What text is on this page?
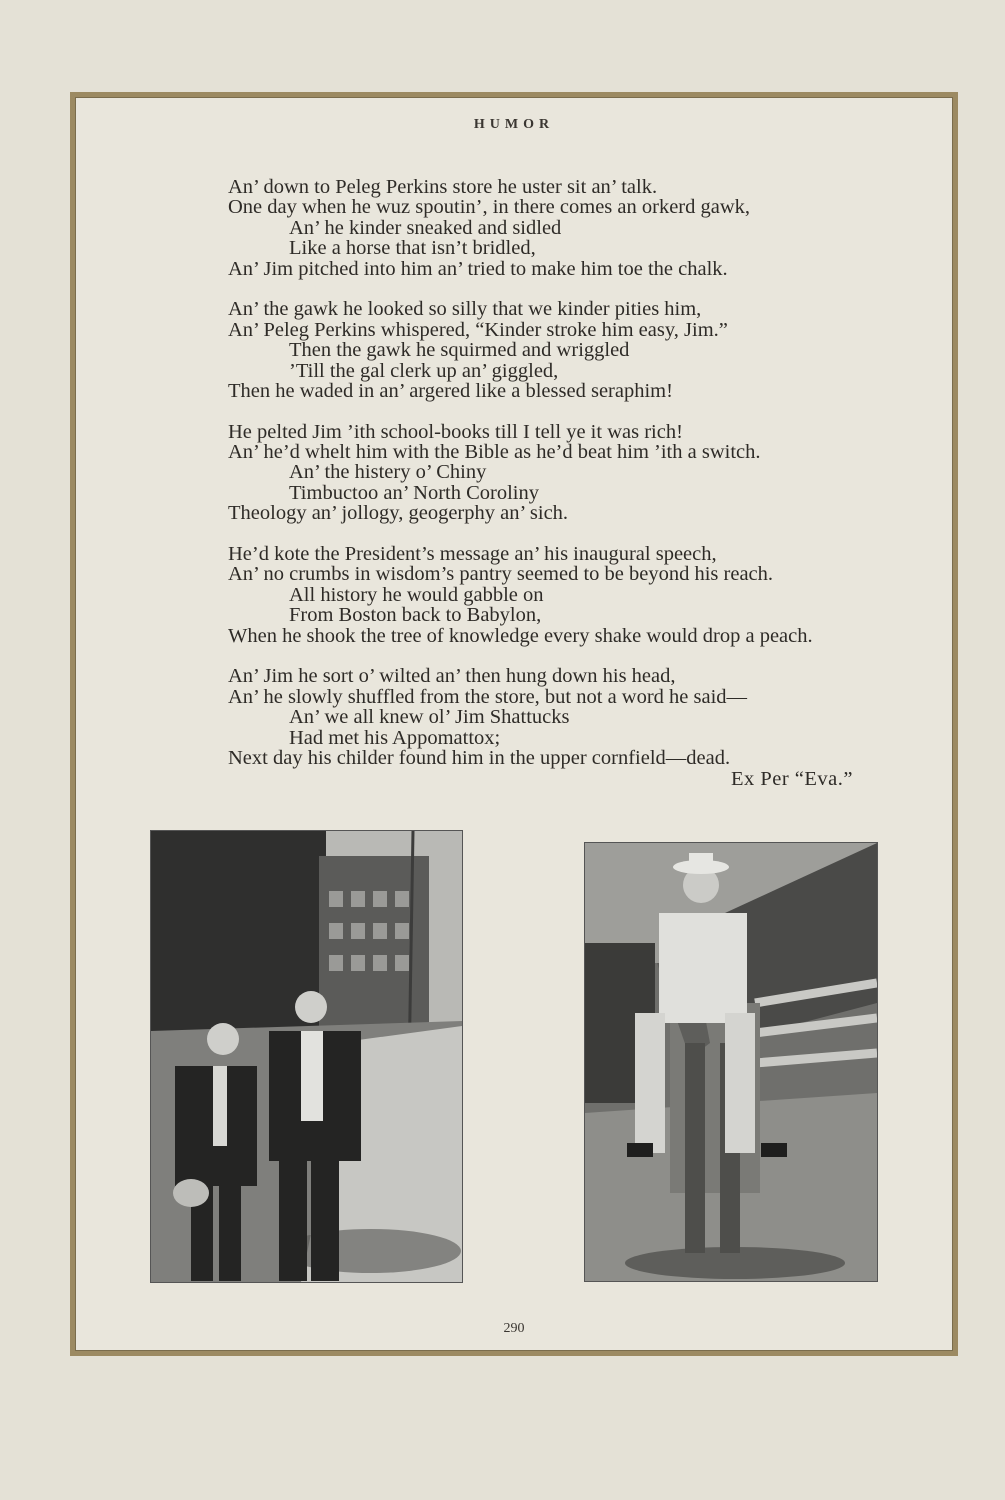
HUMOR
An’ down to Peleg Perkins store he uster sit an’ talk.
One day when he wuz spoutin’, in there comes an orkerd gawk,
An’ he kinder sneaked and sidled
Like a horse that isn’t bridled,
An’ Jim pitched into him an’ tried to make him toe the chalk.
An’ the gawk he looked so silly that we kinder pities him,
An’ Peleg Perkins whispered, “Kinder stroke him easy, Jim.”
Then the gawk he squirmed and wriggled
’Till the gal clerk up an’ giggled,
Then he waded in an’ argered like a blessed seraphim!
He pelted Jim ’ith school-books till I tell ye it was rich!
An’ he’d whelt him with the Bible as he’d beat him ’ith a switch.
An’ the histery o’ Chiny
Timbuctoo an’ North Coroliny
Theology an’ jollogy, geogerphy an’ sich.
He’d kote the President’s message an’ his inaugural speech,
An’ no crumbs in wisdom’s pantry seemed to be beyond his reach.
All history he would gabble on
From Boston back to Babylon,
When he shook the tree of knowledge every shake would drop a peach.
An’ Jim he sort o’ wilted an’ then hung down his head,
An’ he slowly shuffled from the store, but not a word he said—
An’ we all knew ol’ Jim Shattucks
Had met his Appomattox;
Next day his childer found him in the upper cornfield—dead.
Ex Per “Eva.”
290
